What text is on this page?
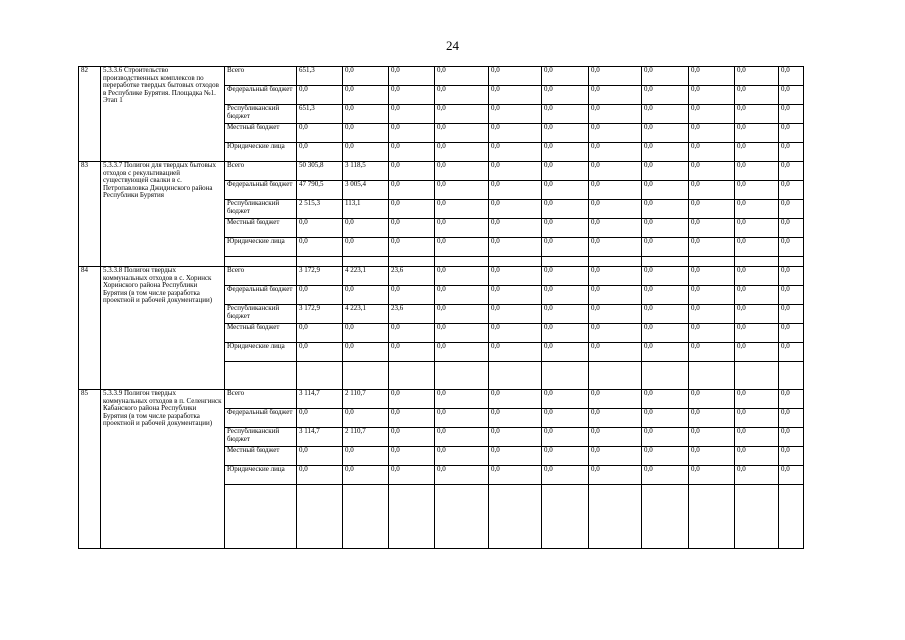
24
82	5.3.3.6 Строительство производственных комплексов по переработке твердых бытовых отходов в Республике Бурятия. Площадка №1. Этап 1	Всего	651,3	0,0	0,0	0,0	0,0	0,0	0,0	0,0	0,0	0,0	0,0
		Федеральный бюджет	0,0	0,0	0,0	0,0	0,0	0,0	0,0	0,0	0,0	0,0	0,0
		Республиканский бюджет	651,3	0,0	0,0	0,0	0,0	0,0	0,0	0,0	0,0	0,0	0,0
		Местный бюджет	0,0	0,0	0,0	0,0	0,0	0,0	0,0	0,0	0,0	0,0	0,0
		Юридические лица	0,0	0,0	0,0	0,0	0,0	0,0	0,0	0,0	0,0	0,0	0,0
83	5.3.3.7 Полигон для твердых бытовых отходов с рекультивацией существующей свалки в с. Петропавловка Джидинского района Республики Бурятия	Всего	50 305,8	3 118,5	0,0	0,0	0,0	0,0	0,0	0,0	0,0	0,0	0,0
		Федеральный бюджет	47 790,5	3 005,4	0,0	0,0	0,0	0,0	0,0	0,0	0,0	0,0	0,0
		Республиканский бюджет	2 515,3	113,1	0,0	0,0	0,0	0,0	0,0	0,0	0,0	0,0	0,0
		Местный бюджет	0,0	0,0	0,0	0,0	0,0	0,0	0,0	0,0	0,0	0,0	0,0
		Юридические лица	0,0	0,0	0,0	0,0	0,0	0,0	0,0	0,0	0,0	0,0	0,0

84	5.3.3.8 Полигон твердых коммунальных отходов в с. Хоринск Хоринского района Республики Бурятия (в том числе разработка проектной и рабочей документации)	Всего	3 172,9	4 223,1	23,6	0,0	0,0	0,0	0,0	0,0	0,0	0,0	0,0
		Федеральный бюджет	0,0	0,0	0,0	0,0	0,0	0,0	0,0	0,0	0,0	0,0	0,0
		Республиканский бюджет	3 172,9	4 223,1	23,6	0,0	0,0	0,0	0,0	0,0	0,0	0,0	0,0
		Местный бюджет	0,0	0,0	0,0	0,0	0,0	0,0	0,0	0,0	0,0	0,0	0,0
		Юридические лица	0,0	0,0	0,0	0,0	0,0	0,0	0,0	0,0	0,0	0,0	0,0

85	5.3.3.9 Полигон твердых коммунальных отходов в п. Селенгинск Кабанского района Республики Бурятия (в том числе разработка проектной и рабочей документации)	Всего	3 114,7	2 110,7	0,0	0,0	0,0	0,0	0,0	0,0	0,0	0,0	0,0
		Федеральный бюджет	0,0	0,0	0,0	0,0	0,0	0,0	0,0	0,0	0,0	0,0	0,0
		Республиканский бюджет	3 114,7	2 110,7	0,0	0,0	0,0	0,0	0,0	0,0	0,0	0,0	0,0
		Местный бюджет	0,0	0,0	0,0	0,0	0,0	0,0	0,0	0,0	0,0	0,0	0,0
		Юридические лица	0,0	0,0	0,0	0,0	0,0	0,0	0,0	0,0	0,0	0,0	0,0
